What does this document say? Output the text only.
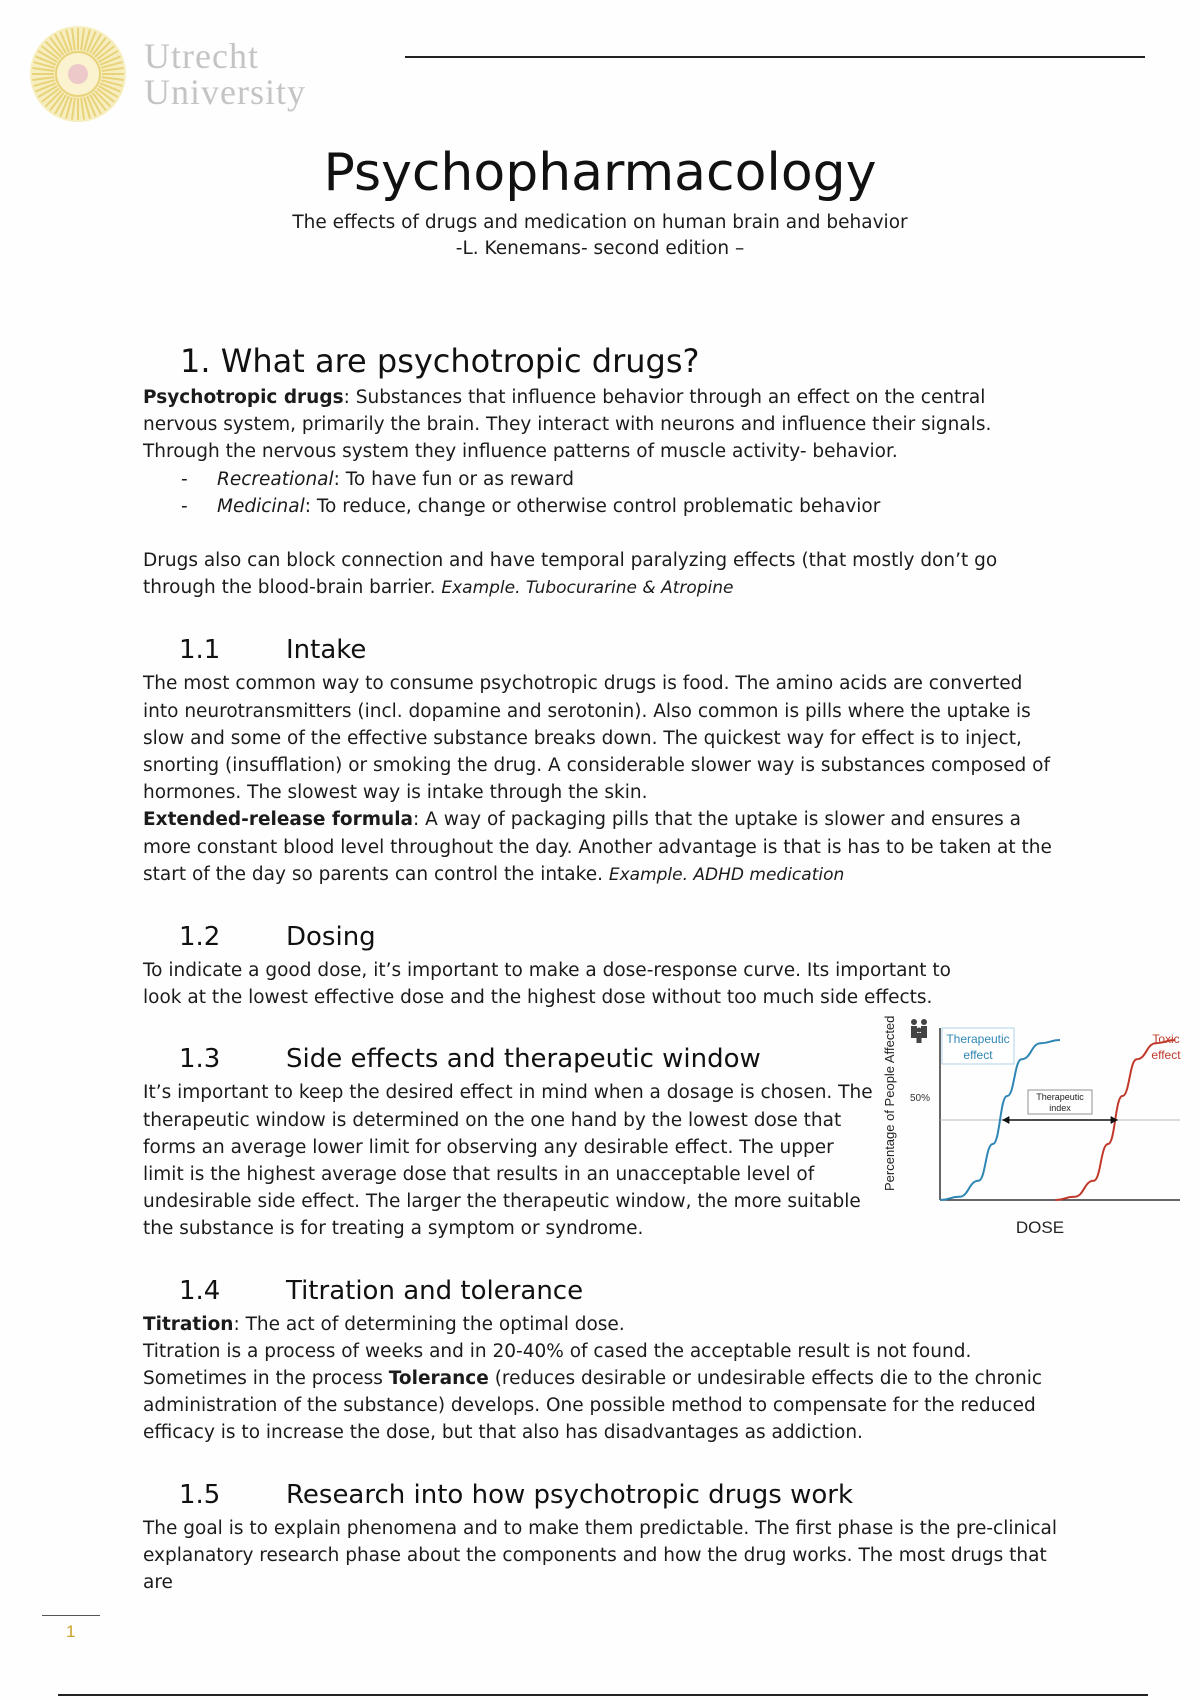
Utrecht
University
Psychopharmacology
The effects of drugs and medication on human brain and behavior
-L. Kenemans- second edition –
1. What are psychotropic drugs?

Psychotropic drugs: Substances that influence behavior through an effect on the central nervous system, primarily the brain. They interact with neurons and influence their signals. Through the nervous system they influence patterns of muscle activity- behavior.

-	Recreational: To have fun or as reward
-	Medicinal: To reduce, change or otherwise control problematic behavior

Drugs also can block connection and have temporal paralyzing effects (that mostly don’t go through the blood-brain barrier. Example. Tubocurarine & Atropine

1.1	Intake

The most common way to consume psychotropic drugs is food. The amino acids are converted into neurotransmitters (incl. dopamine and serotonin). Also common is pills where the uptake is slow and some of the effective substance breaks down. The quickest way for effect is to inject, snorting (insufflation) or smoking the drug. A considerable slower way is substances composed of hormones. The slowest way is intake through the skin.

Extended-release formula: A way of packaging pills that the uptake is slower and ensures a more constant blood level throughout the day. Another advantage is that is has to be taken at the start of the day so parents can control the intake. Example. ADHD medication

1.2	Dosing

To indicate a good dose, it’s important to make a dose-response curve. Its important to look at the lowest effective dose and the highest dose without too much side effects.

1.3	Side effects and therapeutic window

It’s important to keep the desired effect in mind when a dosage is chosen. The therapeutic window is determined on the one hand by the lowest dose that forms an average lower limit for observing any desirable effect. The upper limit is the highest average dose that results in an unacceptable level of undesirable side effect. The larger the therapeutic window, the more suitable the substance is for treating a symptom or syndrome.

1.4	Titration and tolerance

Titration: The act of determining the optimal dose.

Titration is a process of weeks and in 20-40% of cased the acceptable result is not found. Sometimes in the process Tolerance (reduces desirable or undesirable effects die to the chronic administration of the substance) develops. One possible method to compensate for the reduced efficacy is to increase the dose, but that also has disadvantages as addiction.

1.5	Research into how psychotropic drugs work

The goal is to explain phenomena and to make them predictable. The first phase is the pre-clinical explanatory research phase about the components and how the drug works. The most drugs that are

Percentage of People Affected
DOSE
50%	Therapeutic
index
Therapeutic
effect
Toxic
effect
1
